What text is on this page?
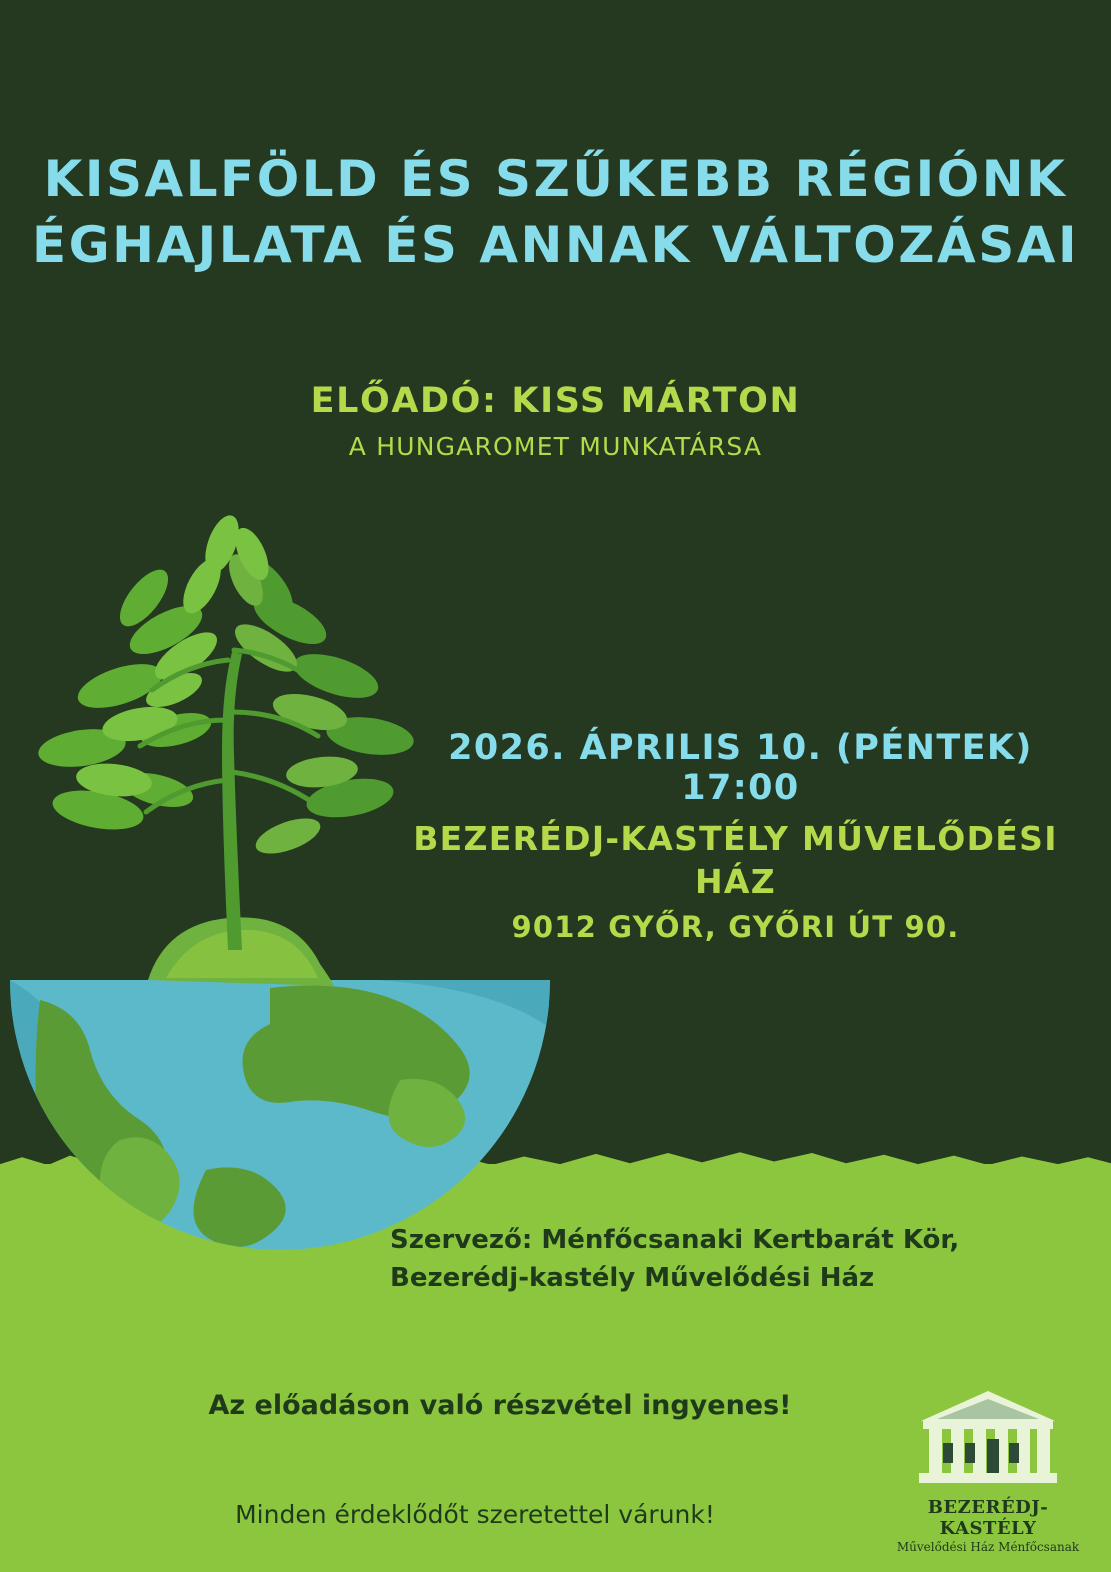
KISALFÖLD ÉS SZŰKEBB RÉGIÓNK
ÉGHAJLATA ÉS ANNAK VÁLTOZÁSAI
ELŐADÓ: KISS MÁRTON
A HUNGAROMET MUNKATÁRSA
2026. ÁPRILIS 10. (PÉNTEK) 17:00
BEZERÉDJ-KASTÉLY MŰVELŐDÉSI HÁZ
9012 GYŐR, GYŐRI ÚT 90.
Szervező: Ménfőcsanaki Kertbarát Kör,
Bezerédj-kastély Művelődési Ház
Az előadáson való részvétel ingyenes!
Minden érdeklődőt szeretettel várunk!	BEZERÉDJ-KASTÉLY
Művelődési Ház Ménfőcsanak
